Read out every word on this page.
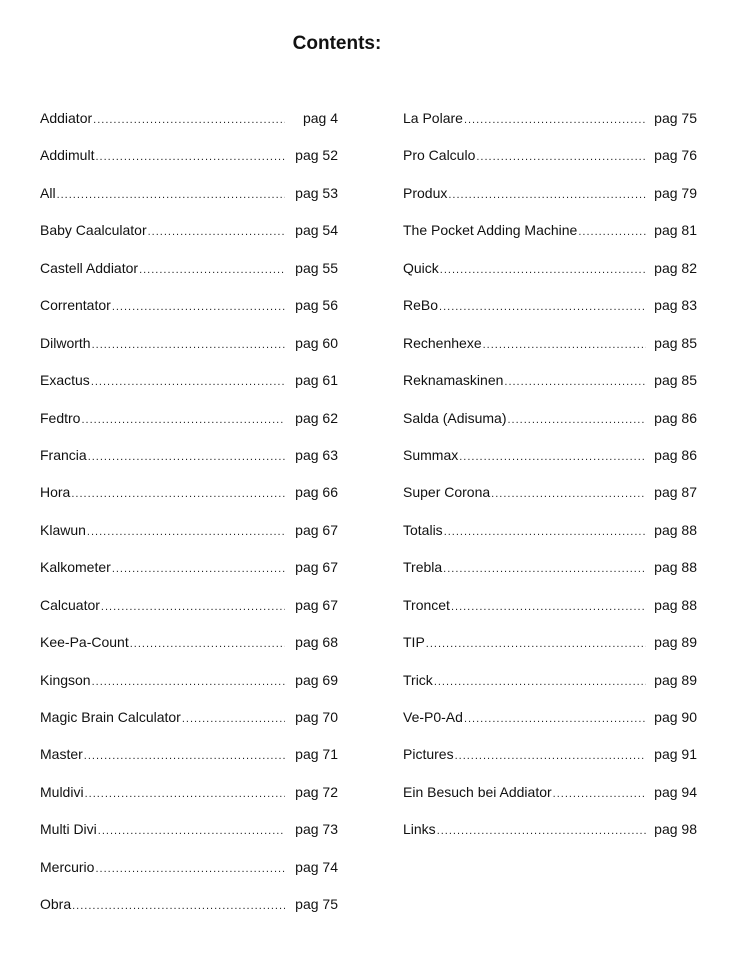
Contents:
Addiator .....	pag 4
Addimult .....	pag 52
All .....	pag 53
Baby Caalculator .....	pag 54
Castell Addiator .....	pag 55
Correntator .....	pag 56
Dilworth .....	pag 60
Exactus .....	pag 61
Fedtro .....	pag 62
Francia .....	pag 63
Hora .....	pag 66
Klawun .....	pag 67
Kalkometer .....	pag 67
Calcuator .....	pag 67
Kee-Pa-Count .....	pag 68
Kingson .....	pag 69
Magic Brain Calculator .....	pag 70
Master .....	pag 71
Muldivi .....	pag 72
Multi Divi .....	pag 73
Mercurio .....	pag 74
Obra .....	pag 75
La Polare .....	pag 75
Pro Calculo .....	pag 76
Produx .....	pag 79
The Pocket Adding Machine .....	pag 81
Quick .....	pag 82
ReBo .....	pag 83
Rechenhexe .....	pag 85
Reknamaskinen .....	pag 85
Salda (Adisuma) .....	pag 86
Summax .....	pag 86
Super Corona .....	pag 87
Totalis .....	pag 88
Trebla .....	pag 88
Troncet .....	pag 88
TIP .....	pag 89
Trick .....	pag 89
Ve-P0-Ad .....	pag 90
Pictures .....	pag 91
Ein Besuch bei Addiator .....	pag 94
Links .....	pag 98
